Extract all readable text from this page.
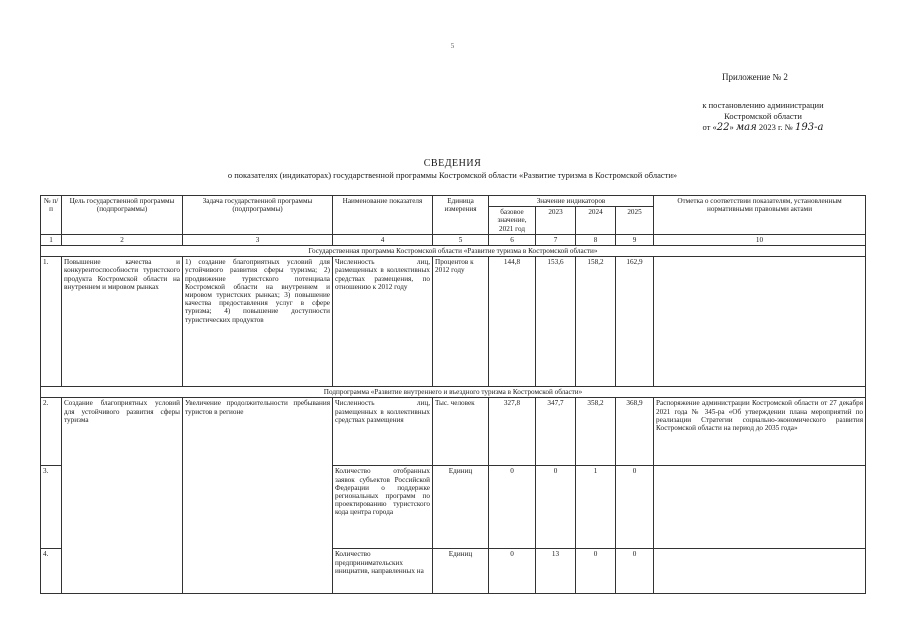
5
Приложение № 2
к постановлению администрации
Костромской области
от «22» мая 2023 г. № 193-а
СВЕДЕНИЯ
о показателях (индикаторах) государственной программы Костромской области «Развитие туризма в Костромской области»
№ п/п	Цель государственной программы (подпрограммы)	Задача государственной программы (подпрограммы)	Наименование показателя	Единица измерения	Значение индикаторов				Отметка о соответствии показателям, установленным нормативными правовыми актами
					базовое значение, 2021 год	2023	2024	2025	
1	2	3	4	5	6	7	8	9	10
Государственная программа Костромской области «Развитие туризма в Костромской области»									
1.	Повышение качества и конкурентоспособности туристского продукта Костромской области на внутреннем и мировом рынках	1) создание благоприятных условий для устойчивого развития сферы туризма; 2) продвижение туристского потенциала Костромской области на внутреннем и мировом туристских рынках; 3) повышение качества предоставления услуг в сфере туризма; 4) повышение доступности туристических продуктов	Численность лиц, размещенных в коллективных средствах размещения, по отношению к 2012 году	Процентов к 2012 году	144,8	153,6	158,2	162,9	
Подпрограмма «Развитие внутреннего и въездного туризма в Костромской области»									
2.	Создание благоприятных условий для устойчивого развития сферы туризма	Увеличение продолжительности пребывания туристов в регионе	Численность лиц, размещенных в коллективных средствах размещения	Тыс. человек	327,8	347,7	358,2	368,9	Распоряжение администрации Костромской области от 27 декабря 2021 года № 345-ра «Об утверждении плана мероприятий по реализации Стратегии социально-экономического развития Костромской области на период до 2035 года»
3.			Количество отобранных заявок субъектов Российской Федерации о поддержке региональных программ по проектированию туристского кода центра города	Единиц	0	0	1	0	
4.			Количество предпринимательских инициатив, направленных на	Единиц	0	13	0	0	
